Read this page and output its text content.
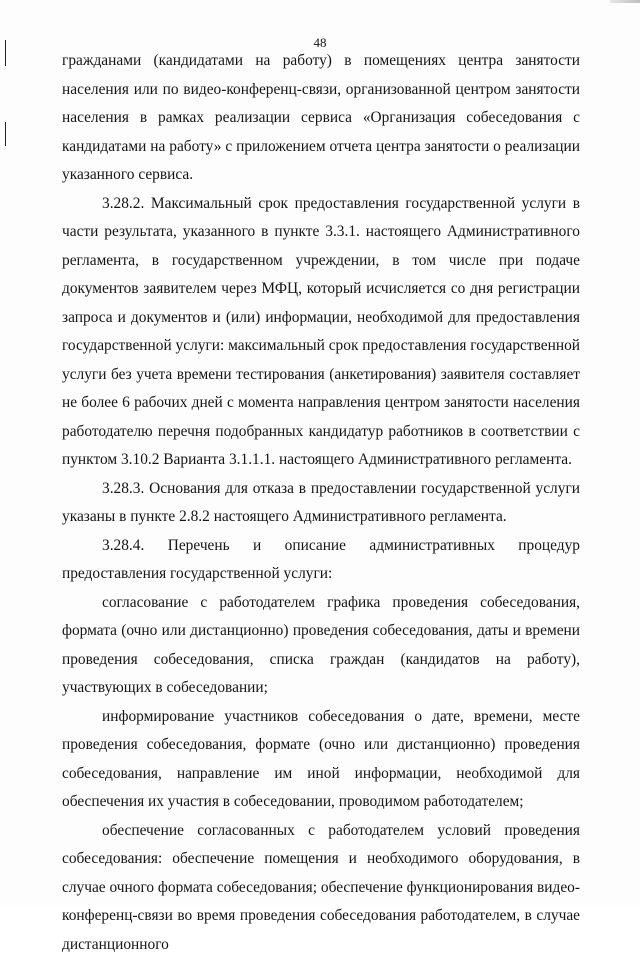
48

гражданами (кандидатами на работу) в помещениях центра занятости населения или по видео-конференц-связи, организованной центром занятости населения в рамках реализации сервиса «Организация собеседования с кандидатами на работу» с приложением отчета центра занятости о реализации указанного сервиса.

3.28.2. Максимальный срок предоставления государственной услуги в части результата, указанного в пункте 3.3.1. настоящего Административного регламента, в государственном учреждении, в том числе при подаче документов заявителем через МФЦ, который исчисляется со дня регистрации запроса и документов и (или) информации, необходимой для предоставления государственной услуги: максимальный срок предоставления государственной услуги без учета времени тестирования (анкетирования) заявителя составляет не более 6 рабочих дней с момента направления центром занятости населения работодателю перечня подобранных кандидатур работников в соответствии с пунктом 3.10.2 Варианта 3.1.1.1. настоящего Административного регламента.

3.28.3. Основания для отказа в предоставлении государственной услуги указаны в пункте 2.8.2 настоящего Административного регламента.

3.28.4. Перечень и описание административных процедур предоставления государственной услуги:

согласование с работодателем графика проведения собеседования, формата (очно или дистанционно) проведения собеседования, даты и времени проведения собеседования, списка граждан (кандидатов на работу), участвующих в собеседовании;

информирование участников собеседования о дате, времени, месте проведения собеседования, формате (очно или дистанционно) проведения собеседования, направление им иной информации, необходимой для обеспечения их участия в собеседовании, проводимом работодателем;

обеспечение согласованных с работодателем условий проведения собеседования: обеспечение помещения и необходимого оборудования, в случае очного формата собеседования; обеспечение функционирования видео-конференц-связи во время проведения собеседования работодателем, в случае дистанционного
